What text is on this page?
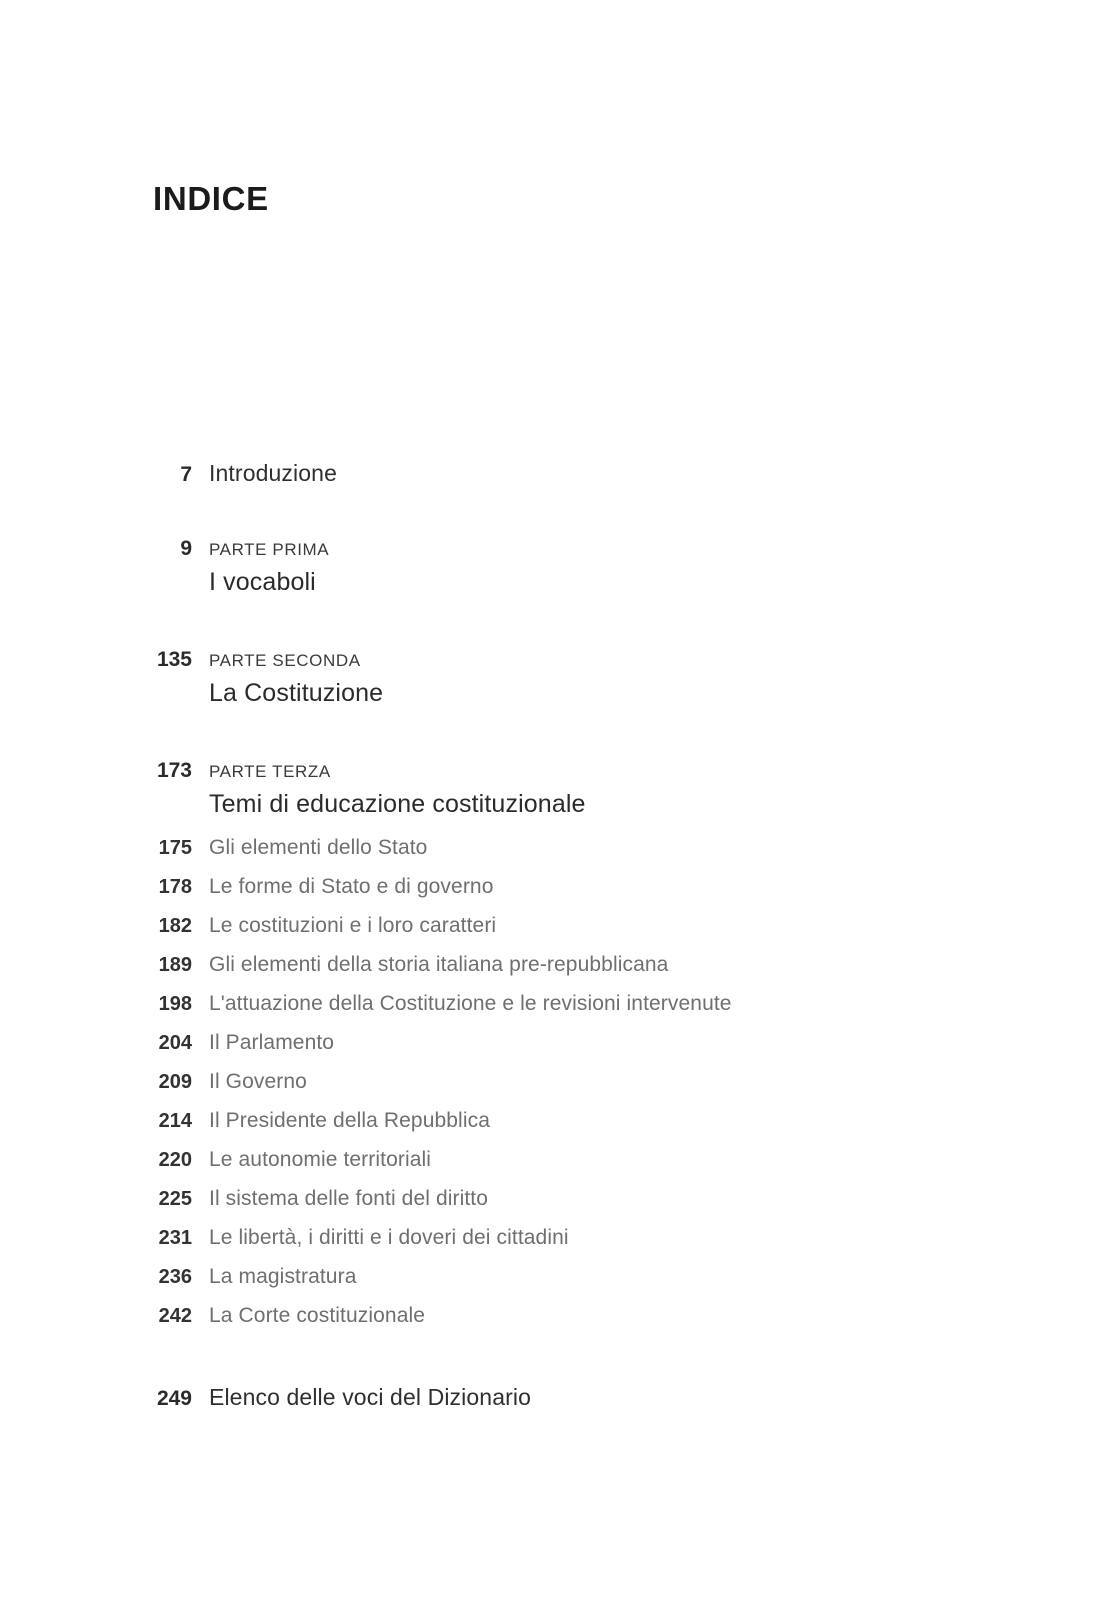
INDICE
7 Introduzione
9 PARTE PRIMA
I vocaboli
135 PARTE SECONDA
La Costituzione
173 PARTE TERZA
Temi di educazione costituzionale
175 Gli elementi dello Stato
178 Le forme di Stato e di governo
182 Le costituzioni e i loro caratteri
189 Gli elementi della storia italiana pre-repubblicana
198 L'attuazione della Costituzione e le revisioni intervenute
204 Il Parlamento
209 Il Governo
214 Il Presidente della Repubblica
220 Le autonomie territoriali
225 Il sistema delle fonti del diritto
231 Le libertà, i diritti e i doveri dei cittadini
236 La magistratura
242 La Corte costituzionale
249 Elenco delle voci del Dizionario
